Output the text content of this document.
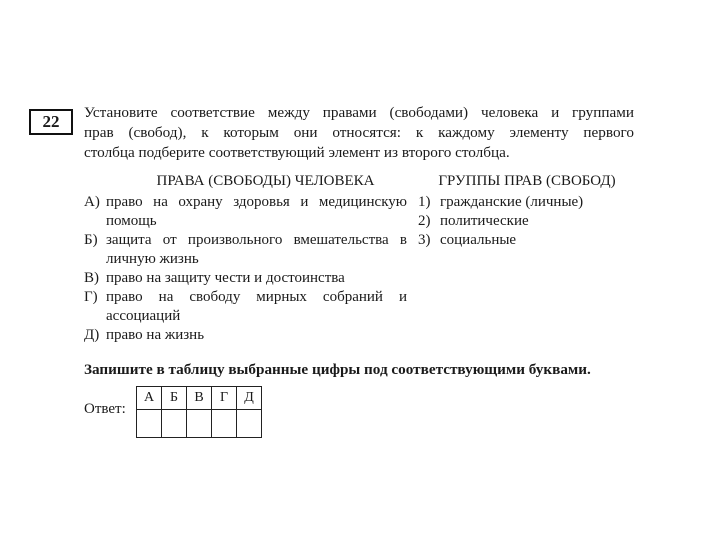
22 Установите соответствие между правами (свободами) человека и группами
прав (свобод), к которым они относятся: к каждому элементу первого
столбца подберите соответствующий элемент из второго столбца.

ПРАВА (СВОБОДЫ) ЧЕЛОВЕКА
А) право на охрану здоровья и медицинскую помощь
Б) защита от произвольного вмешательства в личную жизнь
В) право на защиту чести и достоинства
Г) право на свободу мирных собраний и ассоциаций
Д) право на жизнь
ГРУППЫ ПРАВ (СВОБОД)
1) гражданские (личные)
2) политические
3) социальные
Запишите в таблицу выбранные цифры под соответствующими буквами.
Ответ:
А	Б	В	Г	Д
